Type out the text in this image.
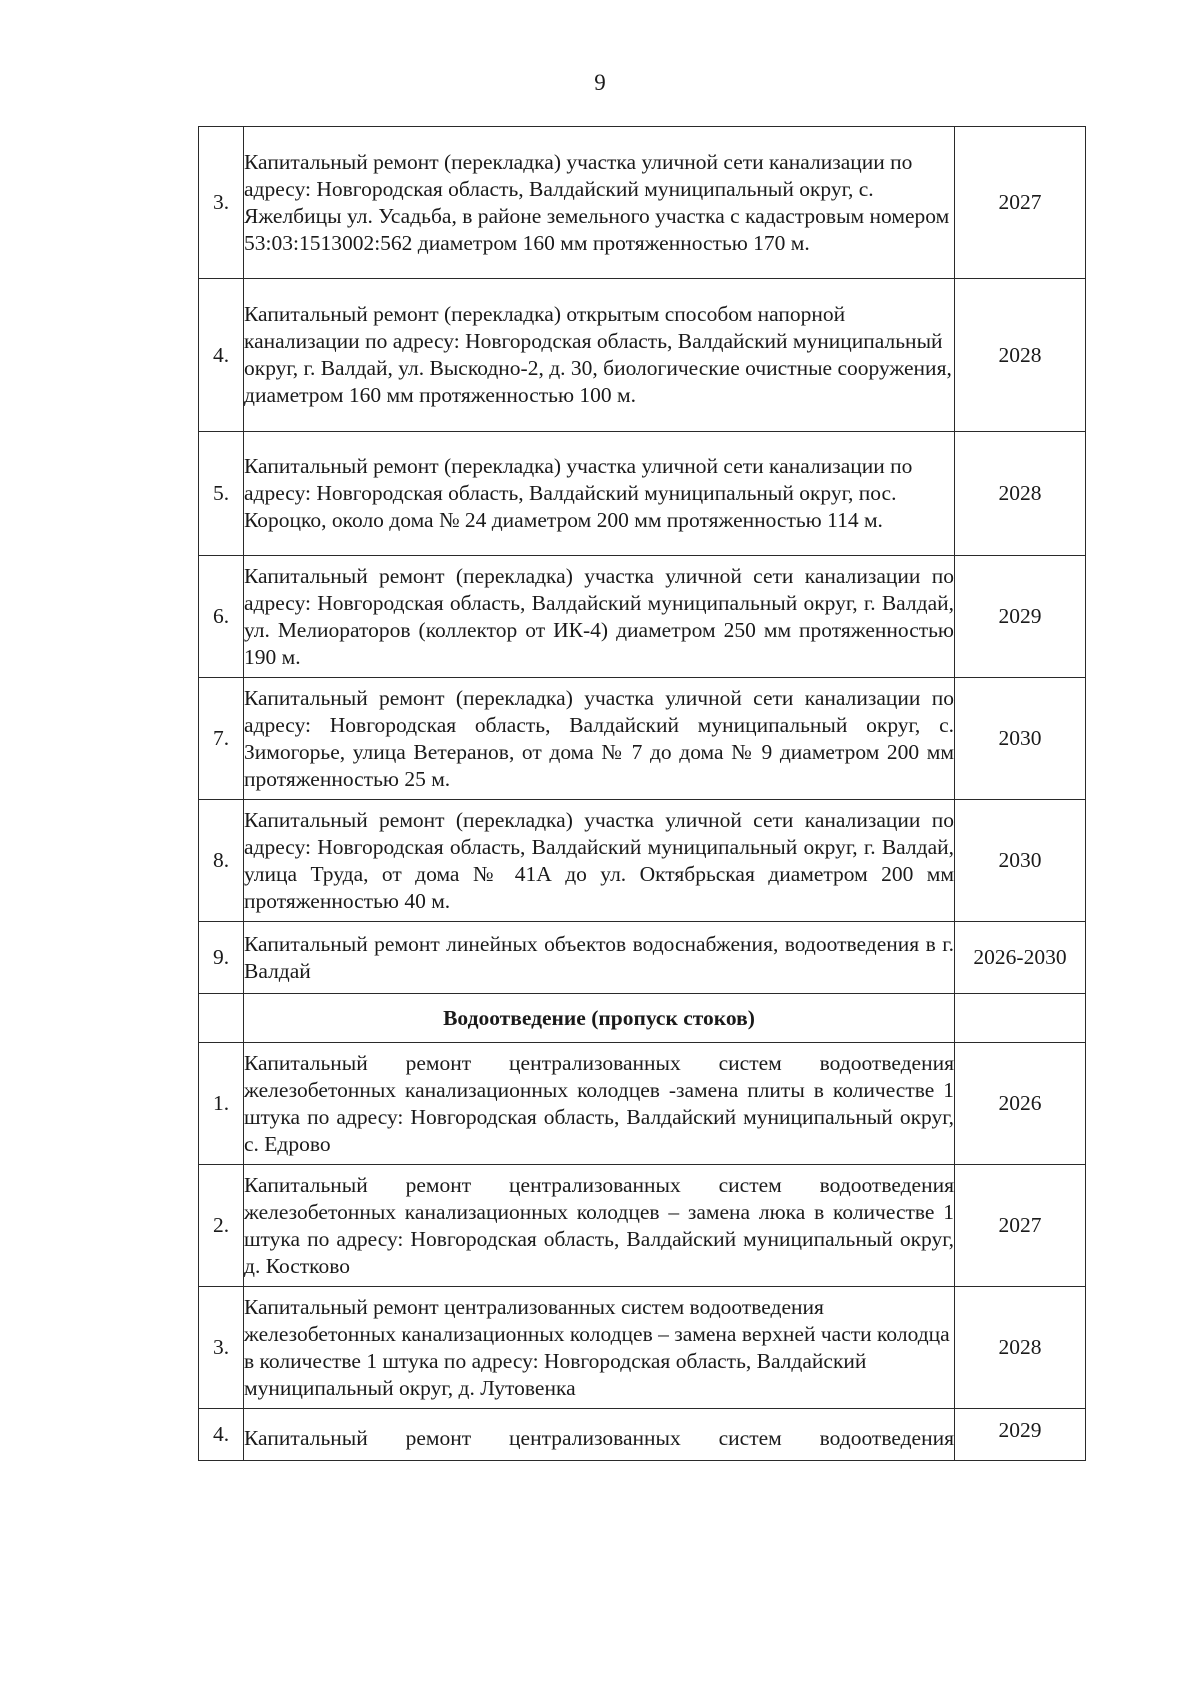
9
3.	Капитальный ремонт (перекладка) участка уличной сети канализации по адресу: Новгородская область, Валдайский муниципальный округ, с. Яжелбицы ул. Усадьба, в районе земельного участка с кадастровым номером 53:03:1513002:562 диаметром 160 мм протяженностью 170 м.	2027
4.	Капитальный ремонт (перекладка) открытым способом напорной канализации по адресу: Новгородская область, Валдайский муниципальный округ, г. Валдай, ул. Выскодно-2, д. 30, биологические очистные сооружения, диаметром 160 мм протяженностью 100 м.	2028
5.	Капитальный ремонт (перекладка) участка уличной сети канализации по адресу: Новгородская область, Валдайский муниципальный округ, пос. Короцко, около дома № 24 диаметром 200 мм протяженностью 114 м.	2028
6.	Капитальный ремонт (перекладка) участка уличной сети канализации по адресу: Новгородская область, Валдайский муниципальный округ, г. Валдай, ул. Мелиораторов (коллектор от ИК-4) диаметром 250 мм протяженностью 190 м.	2029
7.	Капитальный ремонт (перекладка) участка уличной сети канализации по адресу: Новгородская область, Валдайский муниципальный округ, с. Зимогорье, улица Ветеранов, от дома № 7 до дома № 9 диаметром 200 мм протяженностью 25 м.	2030
8.	Капитальный ремонт (перекладка) участка уличной сети канализации по адресу: Новгородская область, Валдайский муниципальный округ, г. Валдай, улица Труда, от дома № 41А до ул. Октябрьская диаметром 200 мм протяженностью 40 м.	2030
9.	Капитальный ремонт линейных объектов водоснабжения, водоотведения в г. Валдай	2026-2030
	Водоотведение (пропуск стоков)	
1.	Капитальный ремонт централизованных систем водоотведения железобетонных канализационных колодцев -замена плиты в количестве 1 штука по адресу: Новгородская область, Валдайский муниципальный округ, с. Едрово	2026
2.	Капитальный ремонт централизованных систем водоотведения железобетонных канализационных колодцев – замена люка в количестве 1 штука по адресу: Новгородская область, Валдайский муниципальный округ, д. Костково	2027
3.	Капитальный ремонт централизованных систем водоотведения железобетонных канализационных колодцев – замена верхней части колодца в количестве 1 штука по адресу: Новгородская область, Валдайский муниципальный округ, д. Лутовенка	2028
4.	Капитальный ремонт централизованных систем водоотведения	2029
